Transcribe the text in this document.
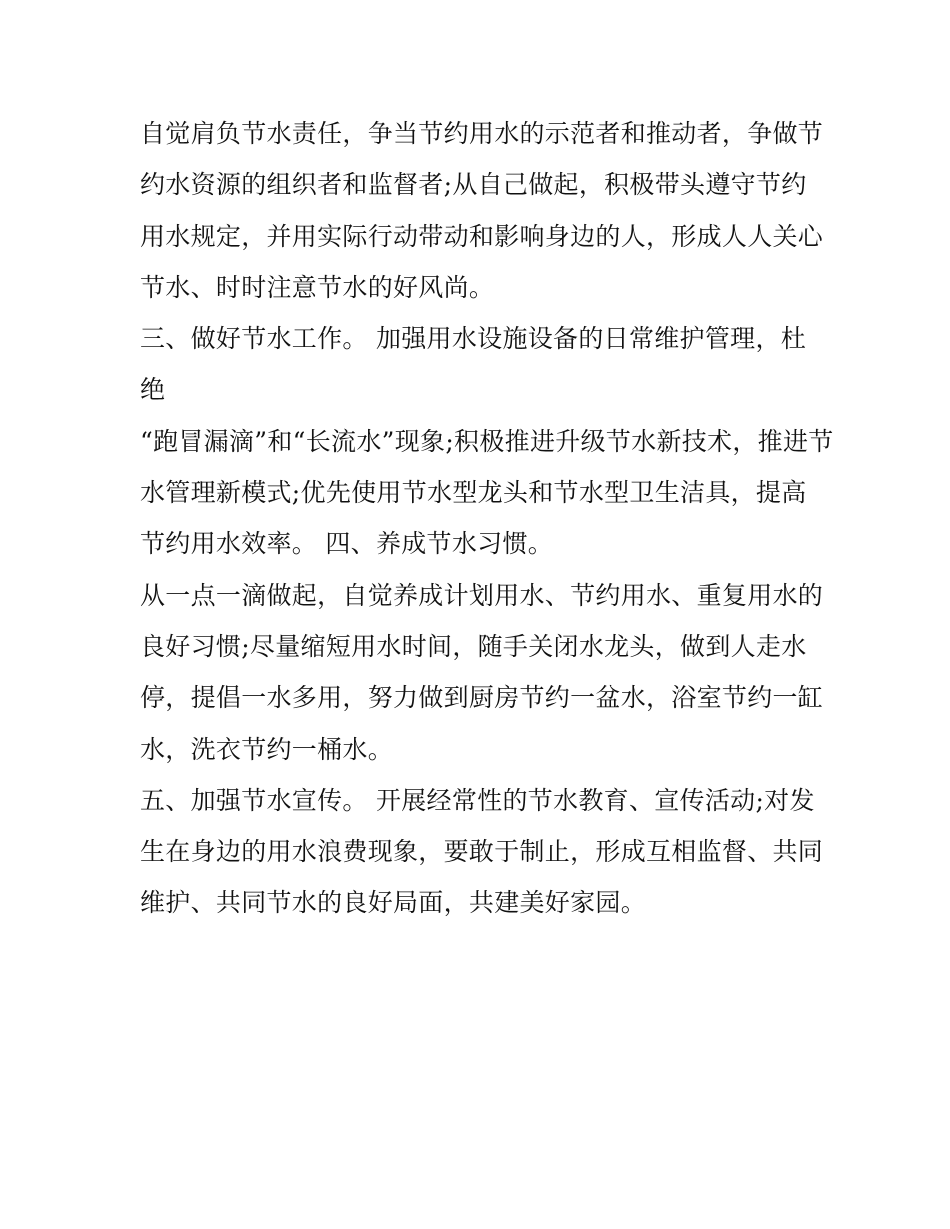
自觉肩负节水责任，争当节约用水的示范者和推动者，争做节
约水资源的组织者和监督者;从自己做起，积极带头遵守节约
用水规定，并用实际行动带动和影响身边的人，形成人人关心
节水、时时注意节水的好风尚。
三、做好节水工作。 加强用水设施设备的日常维护管理，杜
绝
“跑冒漏滴”和“长流水”现象;积极推进升级节水新技术，推进节
水管理新模式;优先使用节水型龙头和节水型卫生洁具，提高
节约用水效率。 四、养成节水习惯。
从一点一滴做起，自觉养成计划用水、节约用水、重复用水的
良好习惯;尽量缩短用水时间，随手关闭水龙头，做到人走水
停，提倡一水多用，努力做到厨房节约一盆水，浴室节约一缸
水，洗衣节约一桶水。
五、加强节水宣传。 开展经常性的节水教育、宣传活动;对发
生在身边的用水浪费现象，要敢于制止，形成互相监督、共同
维护、共同节水的良好局面，共建美好家园。
